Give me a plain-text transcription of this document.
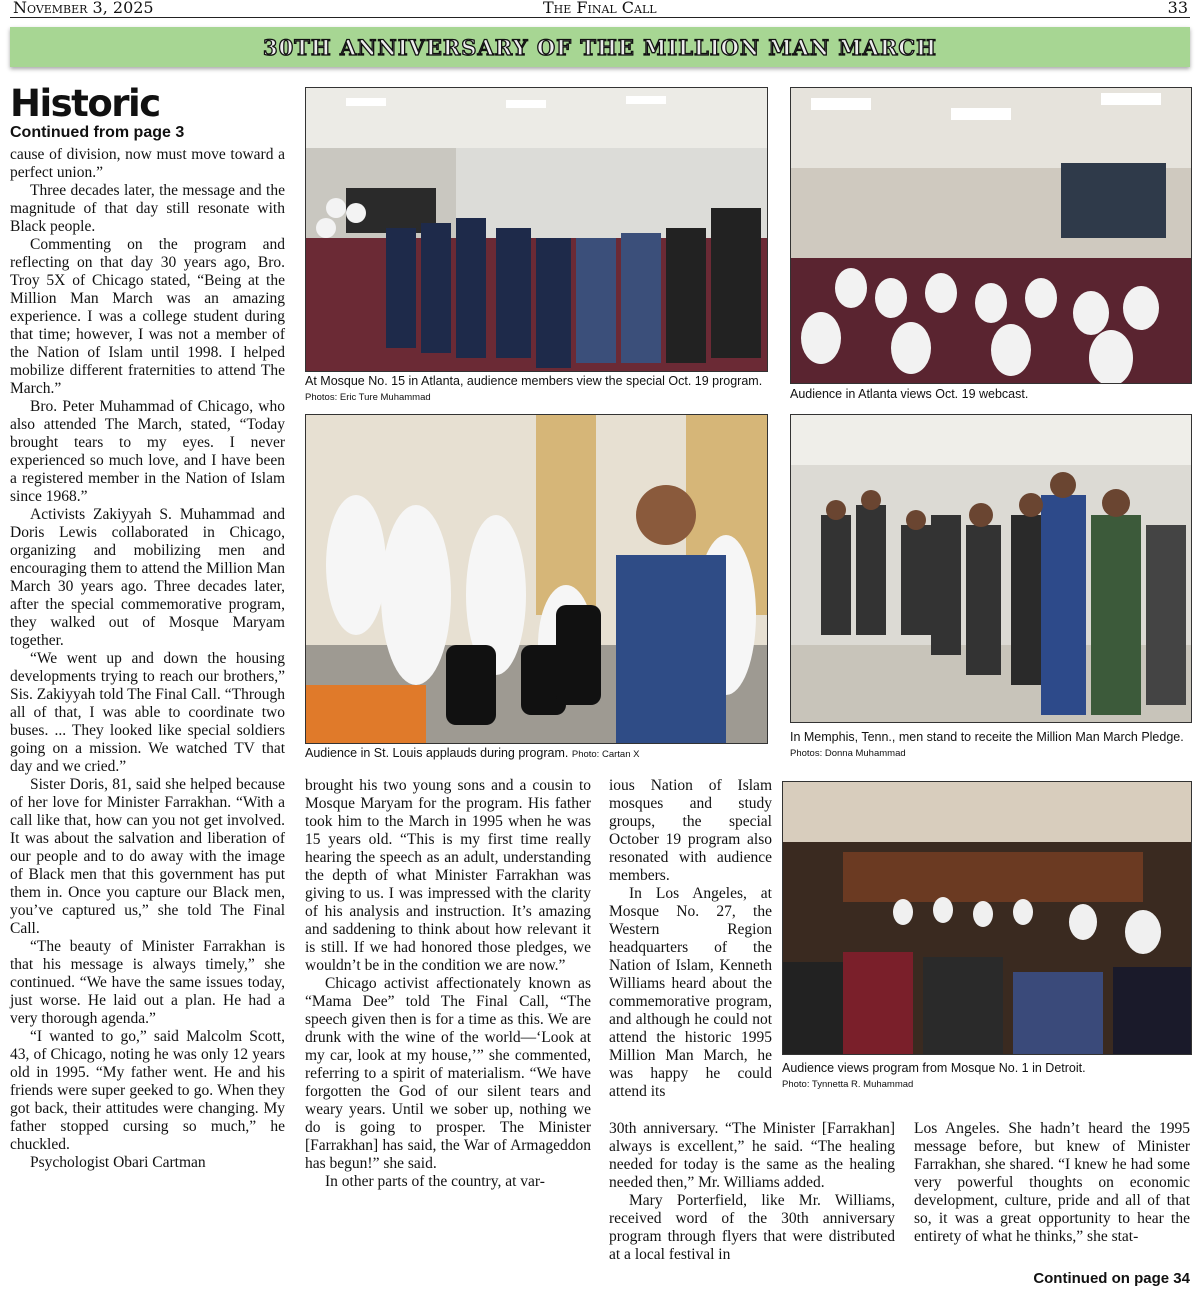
November 3, 2025	The Final Call	33
30TH ANNIVERSARY OF THE MILLION MAN MARCH
Historic
Continued from page 3

cause of division, now must move toward a perfect union.”

Three decades later, the message and the magnitude of that day still resonate with Black people.

Commenting on the program and reflecting on that day 30 years ago, Bro. Troy 5X of Chicago stated, “Being at the Million Man March was an amazing experience. I was a college student during that time; however, I was not a member of the Nation of Islam until 1998. I helped mobilize different fraternities to attend The March.”

Bro. Peter Muhammad of Chicago, who also attended The March, stated, “Today brought tears to my eyes. I never experienced so much love, and I have been a registered member in the Nation of Islam since 1968.”

Activists Zakiyyah S. Muhammad and Doris Lewis collaborated in Chicago, organizing and mobilizing men and encouraging them to attend the Million Man March 30 years ago. Three decades later, after the special commemorative program, they walked out of Mosque Maryam together.

“We went up and down the housing developments trying to reach our brothers,” Sis. Zakiyyah told The Final Call. “Through all of that, I was able to coordinate two buses. ... They looked like special soldiers going on a mission. We watched TV that day and we cried.”

Sister Doris, 81, said she helped because of her love for Minister Farrakhan. “With a call like that, how can you not get involved. It was about the salvation and liberation of our people and to do away with the image of Black men that this government has put them in. Once you capture our Black men, you’ve captured us,” she told The Final Call.

“The beauty of Minister Farrakhan is that his message is always timely,” she continued. “We have the same issues today, just worse. He laid out a plan. He had a very thorough agenda.”

“I wanted to go,” said Malcolm Scott, 43, of Chicago, noting he was only 12 years old in 1995. “My father went. He and his friends were super geeked to go. When they got back, their attitudes were changing. My father stopped cursing so much,” he chuckled.

Psychologist Obari Cartman

At Mosque No. 15 in Atlanta, audience members view the special Oct. 19 program. Photos: Eric Ture Muhammad	Audience in Atlanta views Oct. 19 webcast.
Audience in St. Louis applauds during program. Photo: Cartan X
In Memphis, Tenn., men stand to receite the Million Man March Pledge. Photos: Donna Muhammad

brought his two young sons and a cousin to Mosque Maryam for the program. His father took him to the March in 1995 when he was 15 years old. “This is my first time really hearing the speech as an adult, understanding the depth of what Minister Farrakhan was giving to us. I was impressed with the clarity of his analysis and instruction. It’s amazing and saddening to think about how relevant it is still. If we had honored those pledges, we wouldn’t be in the condition we are now.”

Chicago activist affectionately known as “Mama Dee” told The Final Call, “The speech given then is for a time as this. We are drunk with the wine of the world—‘Look at my car, look at my house,’” she commented, referring to a spirit of materialism. “We have forgotten the God of our silent tears and weary years. Until we sober up, nothing we do is going to prosper. The Minister [Farrakhan] has said, the War of Armageddon has begun!” she said.

In other parts of the country, at var-

ious Nation of Islam mosques and study groups, the special October 19 program also resonated with audience members.

In Los Angeles, at Mosque No. 27, the Western Region headquarters of the Nation of Islam, Kenneth Williams heard about the commemorative program, and although he could not attend the historic 1995 Million Man March, he was happy he could attend its

Audience views program from Mosque No. 1 in Detroit.
Photo: Tynnetta R. Muhammad

30th anniversary. “The Minister [Farrakhan] always is excellent,” he said. “The healing needed for today is the same as the healing needed then,” Mr. Williams added.

Mary Porterfield, like Mr. Williams, received word of the 30th anniversary program through flyers that were distributed at a local festival in

Los Angeles. She hadn’t heard the 1995 message before, but knew of Minister Farrakhan, she shared. “I knew he had some very powerful thoughts on economic development, culture, pride and all of that so, it was a great opportunity to hear the entirety of what he thinks,” she stat-

Continued on page 34
